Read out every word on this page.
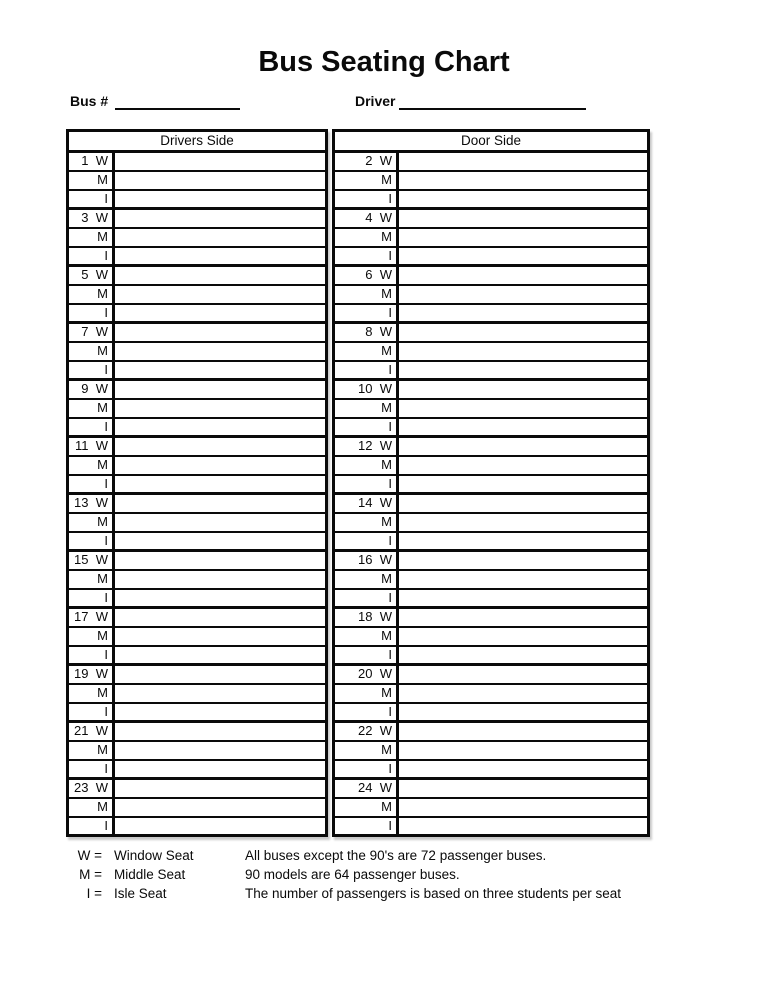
Bus Seating Chart
Bus #	Driver
Drivers Side
1  W
M
I
3  W
M
I
5  W
M
I
7  W
M
I
9  W
M
I
11  W
M
I
13  W
M
I
15  W
M
I
17  W
M
I
19  W
M
I
21  W
M
I
23  W
M
I
Door Side
2  W
M
I
4  W
M
I
6  W
M
I
8  W
M
I
10  W
M
I
12  W
M
I
14  W
M
I
16  W
M
I
18  W
M
I
20  W
M
I
22  W
M
I
24  W
M
I
W = Window Seat	All buses except the 90's are 72 passenger buses.
M = Middle Seat	90 models are 64 passenger buses.
I = Isle Seat	The number of passengers is based on three students per seat
